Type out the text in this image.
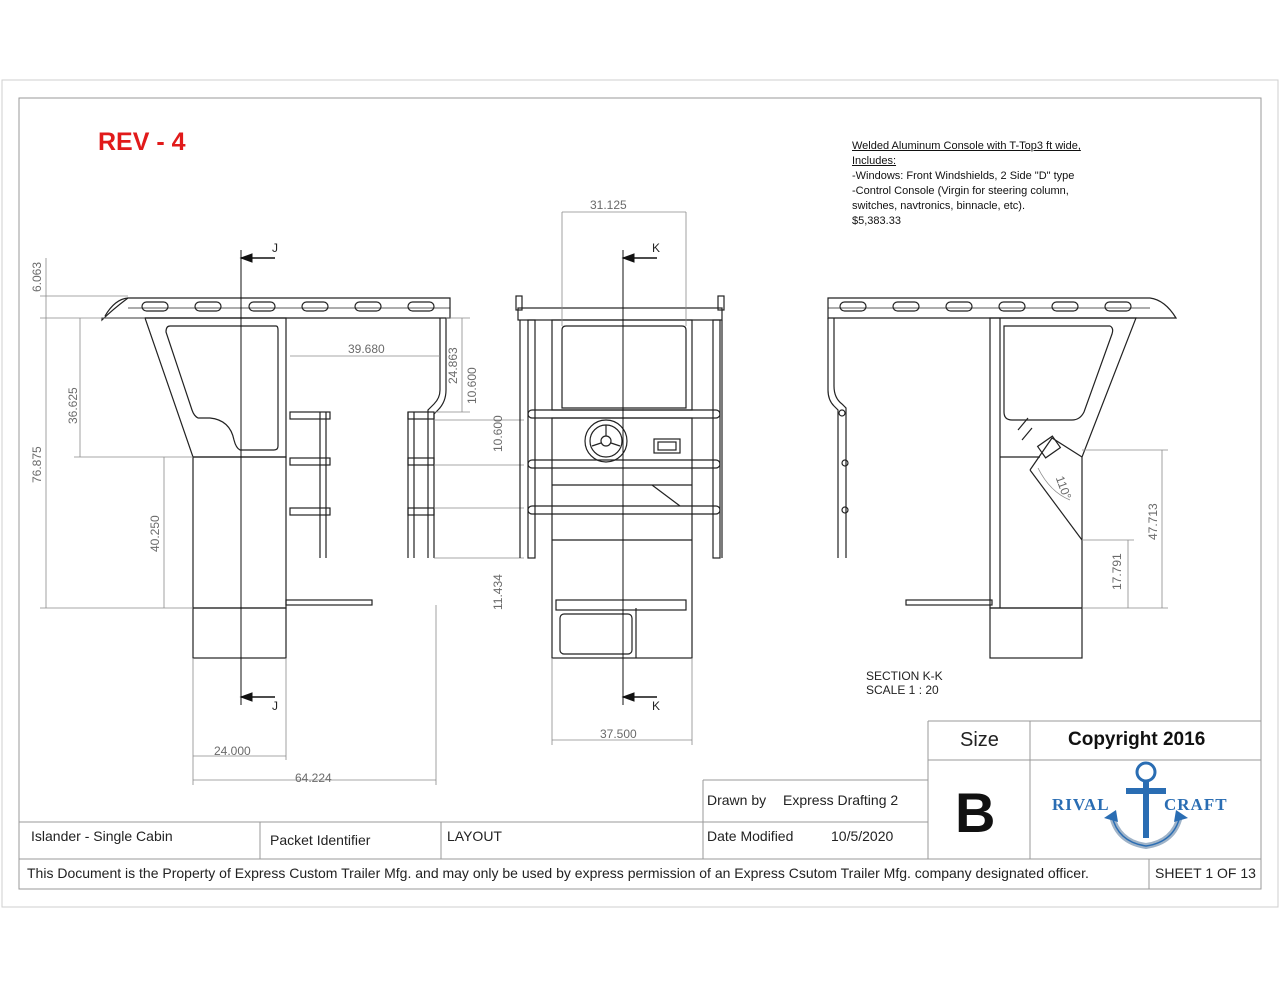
REV - 4	Welded Aluminum Console with T-Top3 ft wide,
Includes:
-Windows: Front Windshields, 2 Side "D" type
-Control Console (Virgin for steering column,
switches, navtronics, binnacle, etc).
$5,383.33
6.063
36.625
76.875
40.250
39.680	24.863
10.600
10.600
11.434
24.000
64.224
31.125
37.500
47.713
17.791
110°
J
J
K
K
SECTION K-K
SCALE 1 : 20
Size
B
Copyright 2016
RIVAL	CRAFT
Drawn by Express Drafting 2
Date Modified	10/5/2020
Islander - Single Cabin	Packet Identifier	LAYOUT
This Document is the Property of Express Custom Trailer Mfg. and may only be used by express permission of an Express Csutom Trailer Mfg. company designated officer.	SHEET 1 OF 13
